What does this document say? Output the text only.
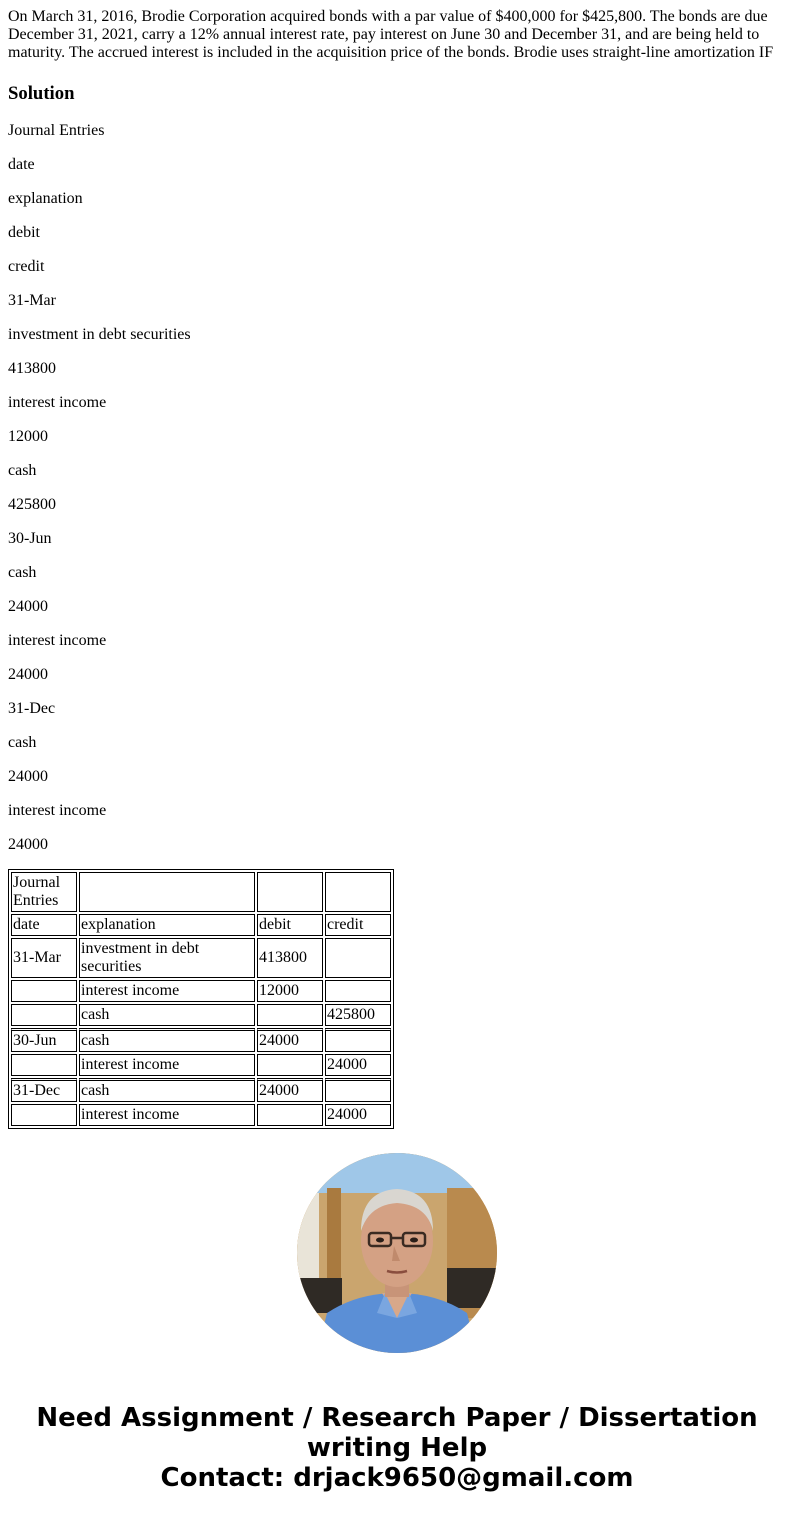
On March 31, 2016, Brodie Corporation acquired bonds with a par value of $400,000 for $425,800. The bonds are due December 31, 2021, carry a 12% annual interest rate, pay interest on June 30 and December 31, and are being held to maturity. The accrued interest is included in the acquisition price of the bonds. Brodie uses straight-line amortization IF
Solution

Journal Entries

date

explanation

debit

credit

31-Mar

investment in debt securities

413800

interest income

12000

cash

425800

30-Jun

cash

24000

interest income

24000

31-Dec

cash

24000

interest income

24000

Journal Entries			
date	explanation	debit	credit
31-Mar	investment in debt securities	413800	
	interest income	12000	
	cash		425800
30-Jun	cash	24000	
	interest income		24000
31-Dec	cash	24000	
	interest income		24000
Need Assignment / Research Paper / Dissertation
writing Help
Contact: drjack9650@gmail.com
